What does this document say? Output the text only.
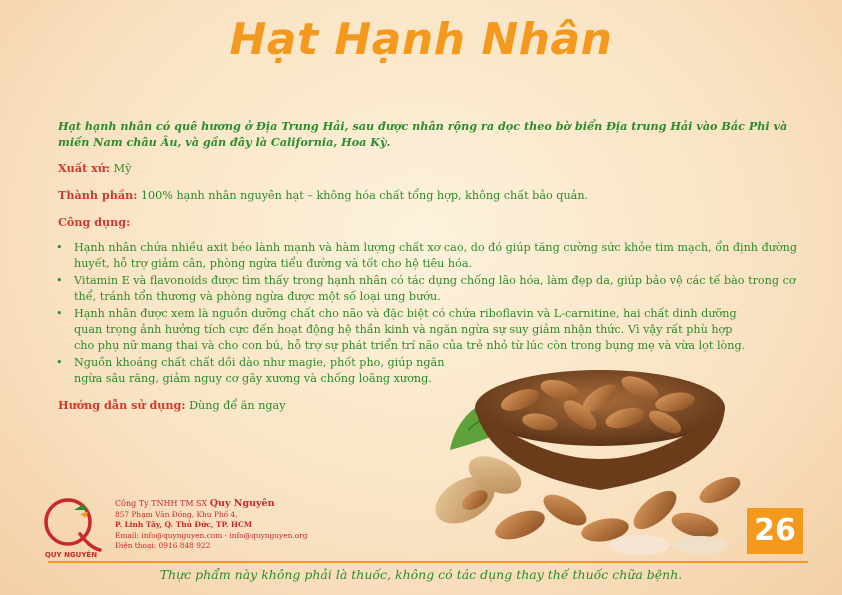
Hạt Hạnh Nhân

Hạt hạnh nhân có quê hương ở Địa Trung Hải, sau được nhân rộng ra dọc theo bờ biển Địa trung Hải vào Bắc Phi và miền Nam châu Âu, và gần đây là California, Hoa Kỳ.

Xuất xứ: Mỹ

Thành phần: 100% hạnh nhân nguyên hạt – không hóa chất tổng hợp, không chất bảo quản.

Công dụng:

• Hạnh nhân chứa nhiều axit béo lành mạnh và hàm lượng chất xơ cao, do đó giúp tăng cường sức khỏe tim mạch, ổn định đường huyết, hỗ trợ giảm cân, phòng ngừa tiểu đường và tốt cho hệ tiêu hóa.
• Vitamin E và flavonoids được tìm thấy trong hạnh nhân có tác dụng chống lão hóa, làm đẹp da, giúp bảo vệ các tế bào trong cơ thể, tránh tổn thương và phòng ngừa được một số loại ung bướu.
• Hạnh nhân được xem là nguồn dưỡng chất cho não và đặc biệt có chứa riboflavin và L-carnitine, hai chất dinh dưỡng quan trọng ảnh hưởng tích cực đến hoạt động hệ thần kinh và ngăn ngừa sự suy giảm nhận thức. Vì vậy rất phù hợp cho phụ nữ mang thai và cho con bú, hỗ trợ sự phát triển trí não của trẻ nhỏ từ lúc còn trong bụng mẹ và vừa lọt lòng.
• Nguồn khoáng chất chất dồi dào như magie, phốt pho, giúp ngăn ngừa sâu răng, giảm nguy cơ gãy xương và chống loãng xương.

Hướng dẫn sử dụng: Dùng để ăn ngay

QUY NGUYÊN
Công Ty TNHH TM SX Quy Nguyên
857 Phạm Văn Đồng, Khu Phố 4,
P. Linh Tây, Q. Thủ Đức, TP. HCM
Email: info@quynguyen.com - info@quynguyen.org
Điện thoại: 0916 848 922	26
Thực phẩm này không phải là thuốc, không có tác dụng thay thế thuốc chữa bệnh.
